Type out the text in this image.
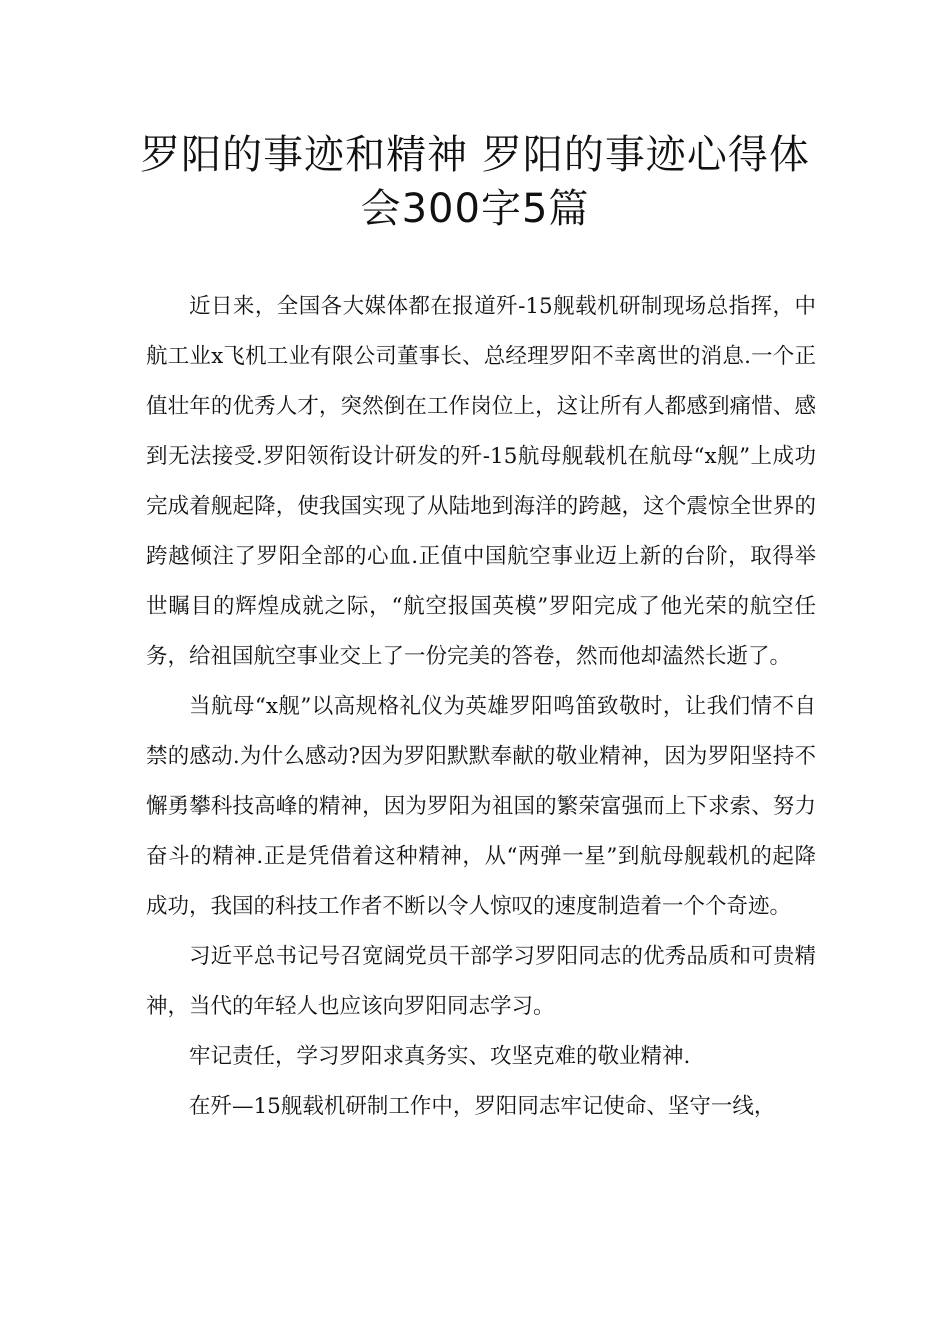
罗阳的事迹和精神 罗阳的事迹心得体
会300字5篇

近日来，全国各大媒体都在报道歼-15舰载机研制现场总指挥，中航工业x飞机工业有限公司董事长、总经理罗阳不幸离世的消息.一个正值壮年的优秀人才，突然倒在工作岗位上，这让所有人都感到痛惜、感到无法接受.罗阳领衔设计研发的歼-15航母舰载机在航母“x舰”上成功完成着舰起降，使我国实现了从陆地到海洋的跨越，这个震惊全世界的跨越倾注了罗阳全部的心血.正值中国航空事业迈上新的台阶，取得举世瞩目的辉煌成就之际，“航空报国英模”罗阳完成了他光荣的航空任务，给祖国航空事业交上了一份完美的答卷，然而他却溘然长逝了。

当航母“x舰”以高规格礼仪为英雄罗阳鸣笛致敬时，让我们情不自禁的感动.为什么感动?因为罗阳默默奉献的敬业精神，因为罗阳坚持不懈勇攀科技高峰的精神，因为罗阳为祖国的繁荣富强而上下求索、努力奋斗的精神.正是凭借着这种精神，从“两弹一星”到航母舰载机的起降成功，我国的科技工作者不断以令人惊叹的速度制造着一个个奇迹。

习近平总书记号召宽阔党员干部学习罗阳同志的优秀品质和可贵精神，当代的年轻人也应该向罗阳同志学习。

牢记责任，学习罗阳求真务实、攻坚克难的敬业精神.

在歼—15舰载机研制工作中，罗阳同志牢记使命、坚守一线，
